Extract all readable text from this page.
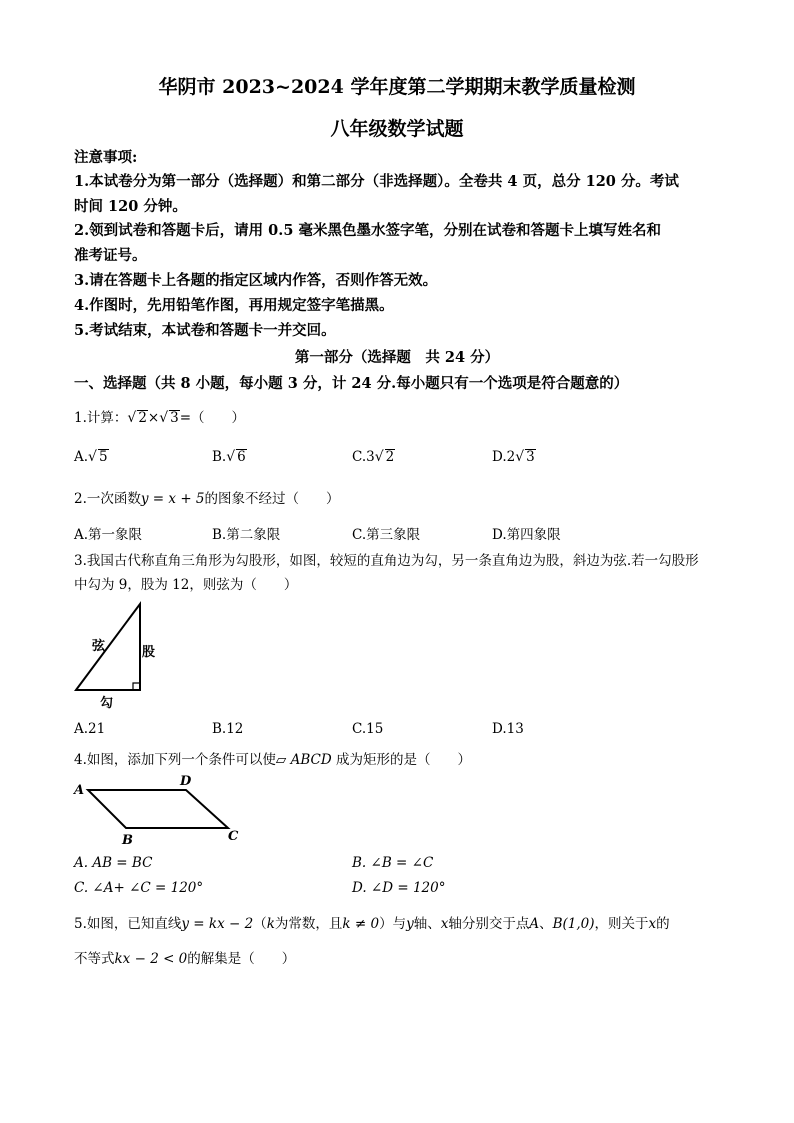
华阴市 2023~2024 学年度第二学期期末教学质量检测
八年级数学试题
注意事项:
1.本试卷分为第一部分（选择题）和第二部分（非选择题）。全卷共 4 页，总分 120 分。考试
时间 120 分钟。
2.领到试卷和答题卡后，请用 0.5 毫米黑色墨水签字笔，分别在试卷和答题卡上填写姓名和
准考证号。
3.请在答题卡上各题的指定区域内作答，否则作答无效。
4.作图时，先用铅笔作图，再用规定签字笔描黑。
5.考试结束，本试卷和答题卡一并交回。
第一部分（选择题　共 24 分）
一、选择题（共 8 小题，每小题 3 分，计 24 分.每小题只有一个选项是符合题意的）
1.计算：√ 2×√ 3=（　　）
A.√ 5	B.√ 6	C.3√ 2	D.2√ 3
2.一次函数y = x + 5的图象不经过（　　）
A.第一象限	B.第二象限	C.第三象限	D.第四象限
3.我国古代称直角三角形为勾股形，如图，较短的直角边为勾，另一条直角边为股，斜边为弦.若一勾股形
中勾为 9，股为 12，则弦为（　　）
弦	股
勾
A.21	B.12	C.15	D.13
4.如图，添加下列一个条件可以使▱ ABCD 成为矩形的是（　　）
A
D
B	C
A. AB = BC	B. ∠B = ∠C
C. ∠A+ ∠C = 120°	D. ∠D = 120°
5.如图，已知直线y = kx − 2（k为常数，且k ≠ 0）与y轴、x轴分别交于点A、B(1,0)，则关于x的
不等式kx − 2 < 0的解集是（　　）
